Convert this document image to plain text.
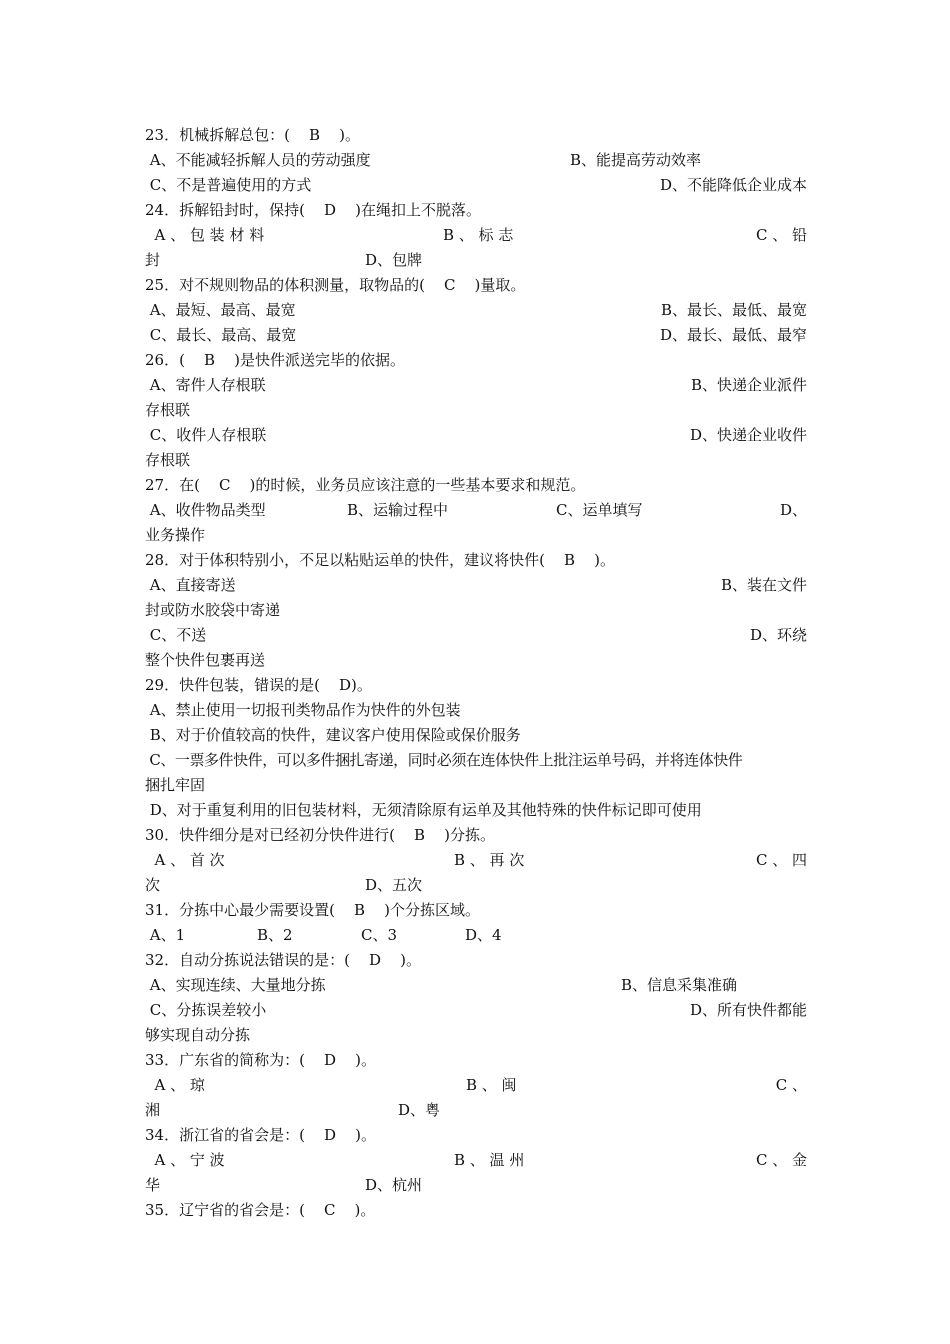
23．机械拆解总包：(    B    )。
A、不能减轻拆解人员的劳动强度	B、能提高劳动效率
C、不是普遍使用的方式	D、不能降低企业成本
24．拆解铅封时，保持(    D    )在绳扣上不脱落。
A 、 包 装 材 料	B 、 标 志	C 、 铅
封	D、包牌
25．对不规则物品的体积测量，取物品的(    C    )量取。
A、最短、最高、最宽	B、最长、最低、最宽
C、最长、最高、最宽	D、最长、最低、最窄
26．(    B    )是快件派送完毕的依据。
A、寄件人存根联	B、快递企业派件
存根联
C、收件人存根联	D、快递企业收件
存根联
27．在(    C    )的时候，业务员应该注意的一些基本要求和规范。
A、收件物品类型	B、运输过程中	C、运单填写	D、
业务操作
28．对于体积特别小，不足以粘贴运单的快件，建议将快件(    B    )。
A、直接寄送	B、装在文件
封或防水胶袋中寄递
C、不送	D、环绕
整个快件包裹再送
29．快件包装，错误的是(    D)。
A、禁止使用一切报刊类物品作为快件的外包装
B、对于价值较高的快件，建议客户使用保险或保价服务
C、一票多件快件，可以多件捆扎寄递，同时必须在连体快件上批注运单号码，并将连体快件
捆扎牢固
D、对于重复利用的旧包装材料，无须清除原有运单及其他特殊的快件标记即可使用
30．快件细分是对已经初分快件进行(    B    )分拣。
A 、 首 次	B 、 再 次	C 、 四
次	D、五次
31．分拣中心最少需要设置(    B    )个分拣区域。
A、1	B、2	C、3	D、4
32．自动分拣说法错误的是：(    D    )。
A、实现连续、大量地分拣	B、信息采集准确
C、分拣误差较小	D、所有快件都能
够实现自动分拣
33．广东省的简称为：(    D    )。
A 、 琼	B 、 闽	C 、
湘	D、粤
34．浙江省的省会是：(    D    )。
A 、 宁 波	B 、 温 州	C 、 金
华	D、杭州
35．辽宁省的省会是：(    C    )。
